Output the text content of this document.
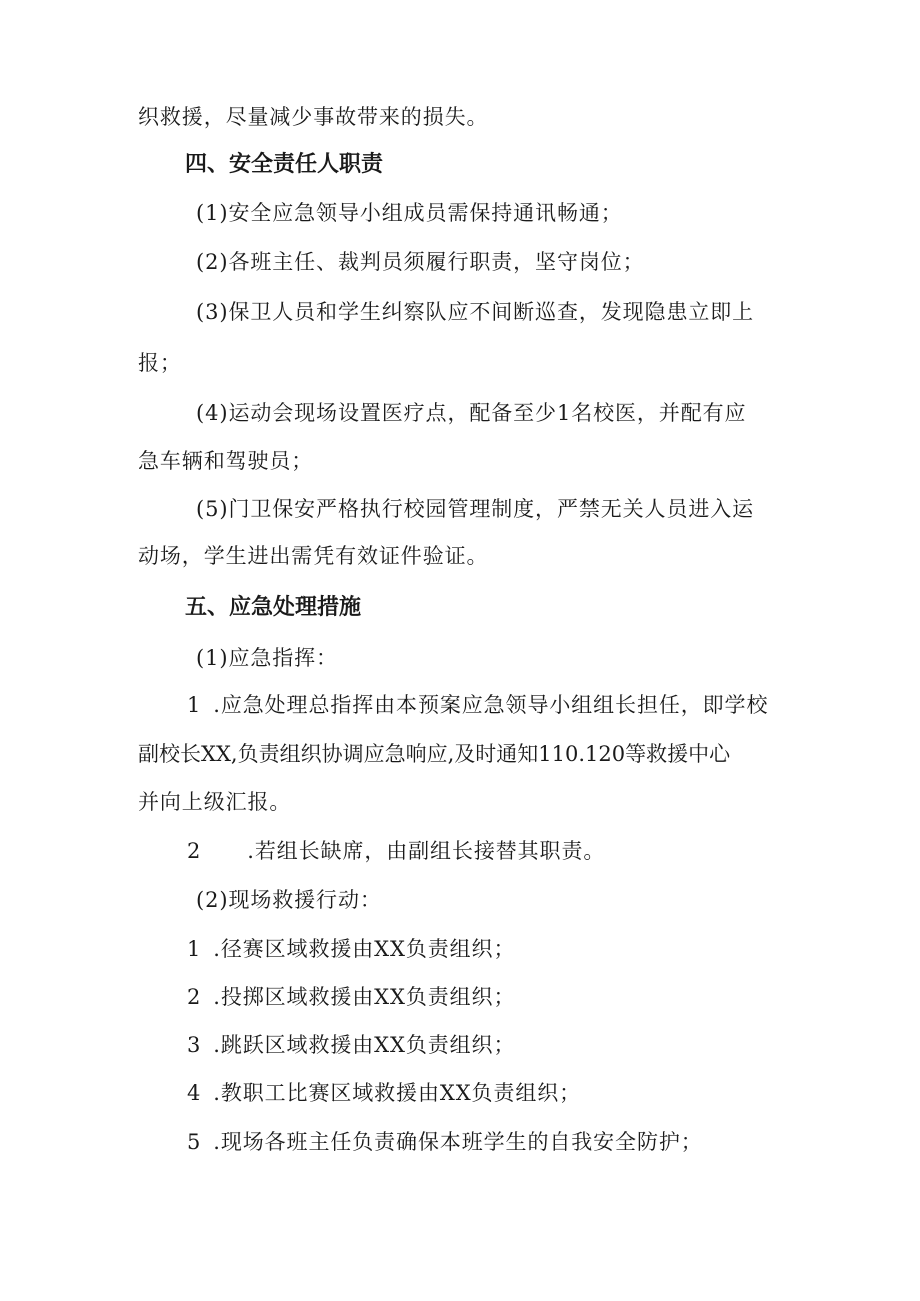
织救援，尽量减少事故带来的损失。
四、安全责任人职责
(1)安全应急领导小组成员需保持通讯畅通；
(2)各班主任、裁判员须履行职责，坚守岗位；
(3)保卫人员和学生纠察队应不间断巡查，发现隐患立即上
报；
(4)运动会现场设置医疗点，配备至少1名校医，并配有应
急车辆和驾驶员；
(5)门卫保安严格执行校园管理制度，严禁无关人员进入运
动场，学生进出需凭有效证件验证。
五、应急处理措施
(1)应急指挥：
1 .应急处理总指挥由本预案应急领导小组组长担任，即学校
副校长XX,负责组织协调应急响应,及时通知110.120等救援中心
并向上级汇报。
2 .若组长缺席，由副组长接替其职责。
(2)现场救援行动：
1 .径赛区域救援由XX负责组织；
2 .投掷区域救援由XX负责组织；
3 .跳跃区域救援由XX负责组织；
4 .教职工比赛区域救援由XX负责组织；
5 .现场各班主任负责确保本班学生的自我安全防护；
